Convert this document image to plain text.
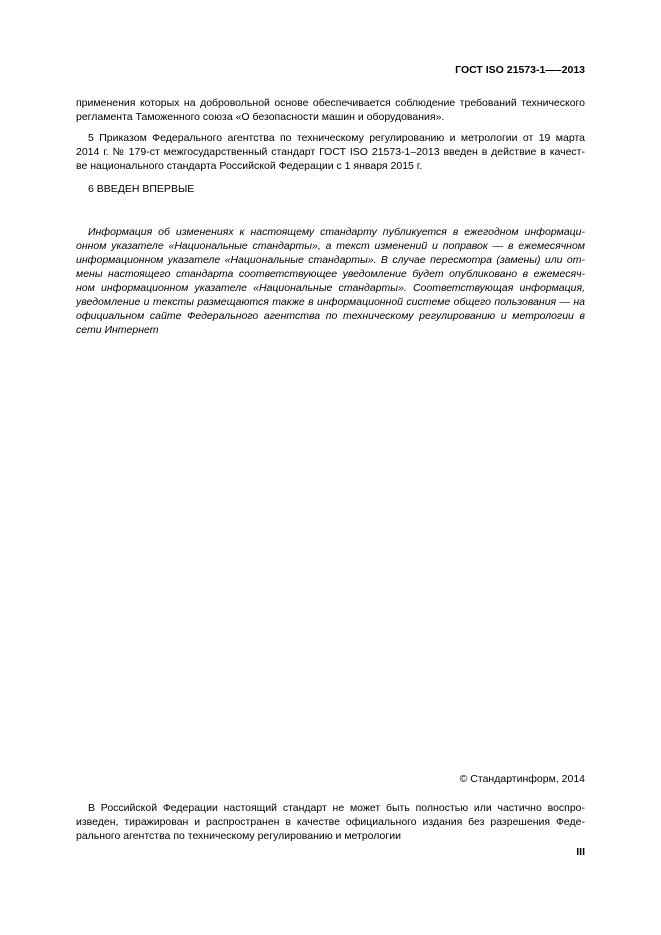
ГОСТ ISO 21573-1—–2013
применения которых на добровольной основе обеспечивается соблюдение требований технического
регламента Таможенного союза «О безопасности машин и оборудования».
5 Приказом Федерального агентства по техническому регулированию и метрологии от 19 марта
2014 г. № 179-ст межгосударственный стандарт ГОСТ ISO 21573-1–2013 введен в действие в качест-
ве национального стандарта Российской Федерации с 1 января 2015 г.
6 ВВЕДЕН ВПЕРВЫЕ
Информация об изменениях к настоящему стандарту публикуется в ежегодном информаци-
онном указателе «Национальные стандарты», а текст изменений и поправок — в ежемесячном
информационном указателе «Национальные стандарты». В случае пересмотра (замены) или от-
мены настоящего стандарта соответствующее уведомление будет опубликовано в ежемесяч-
ном информационном указателе «Национальные стандарты». Соответствующая информация,
уведомление и тексты размещаются также в информационной системе общего пользования — на
официальном сайте Федерального агентства по техническому регулированию и метрологии в
сети Интернет
© Стандартинформ, 2014
В Российской Федерации настоящий стандарт не может быть полностью или частично воспро-
изведен, тиражирован и распространен в качестве официального издания без разрешения Феде-
рального агентства по техническому регулированию и метрологии
III
